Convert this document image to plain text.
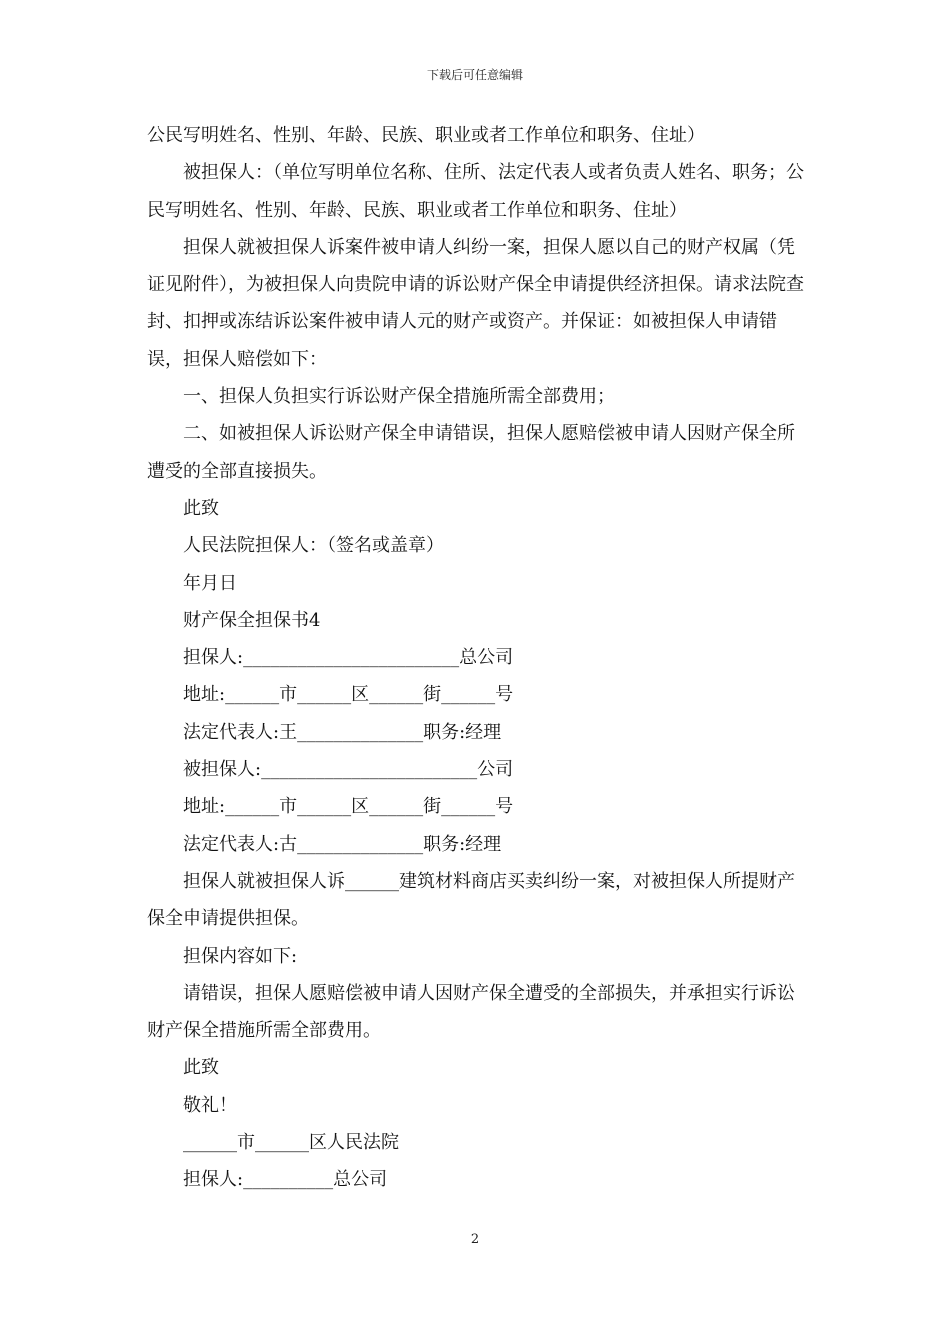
下载后可任意编辑

公民写明姓名、性别、年龄、民族、职业或者工作单位和职务、住址）

　　被担保人：（单位写明单位名称、住所、法定代表人或者负责人姓名、职务；公民写明姓名、性别、年龄、民族、职业或者工作单位和职务、住址）

　　担保人就被担保人诉案件被申请人纠纷一案，担保人愿以自己的财产权属（凭证见附件），为被担保人向贵院申请的诉讼财产保全申请提供经济担保。请求法院查封、扣押或冻结诉讼案件被申请人元的财产或资产。并保证：如被担保人申请错误，担保人赔偿如下：

　　一、担保人负担实行诉讼财产保全措施所需全部费用；

　　二、如被担保人诉讼财产保全申请错误，担保人愿赔偿被申请人因财产保全所遭受的全部直接损失。

　　此致

　　人民法院担保人：（签名或盖章）

　　年月日

　　财产保全担保书4

　　担保人:________________________总公司

　　地址:______市______区______街______号

　　法定代表人:王______________职务:经理

　　被担保人:________________________公司

　　地址:______市______区______街______号

　　法定代表人:古______________职务:经理

　　担保人就被担保人诉______建筑材料商店买卖纠纷一案，对被担保人所提财产保全申请提供担保。

　　担保内容如下:

　　请错误，担保人愿赔偿被申请人因财产保全遭受的全部损失，并承担实行诉讼财产保全措施所需全部费用。

　　此致

　　敬礼！

　　______市______区人民法院

　　担保人:__________总公司

2
